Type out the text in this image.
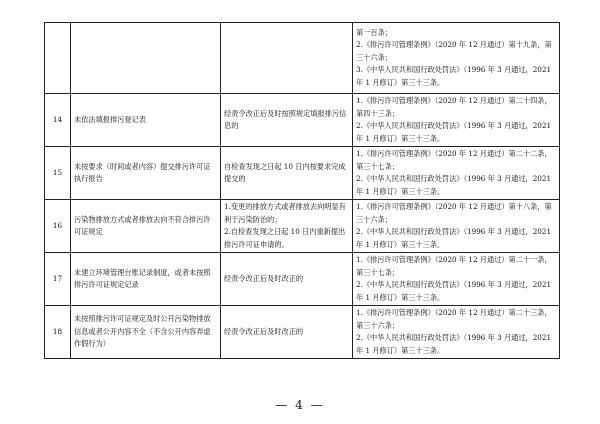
			第一百条；
2.《排污许可管理条例》（2020 年 12 月通过）第十九条，第三十六条；
3.《中华人民共和国行政处罚法》（1996 年 3 月通过，2021 年 1 月修订）第三十三条。

14	未依法填报排污登记表	经责令改正后及时按照规定填报排污信息的	1.《排污许可管理条例》（2020 年 12 月通过）第二十四条，第四十三条；
2.《中华人民共和国行政处罚法》（1996 年 3 月通过，2021 年 1 月修订）第三十三条。

15	未按要求（时间或者内容）提交排污许可证执行报告	自检查发现之日起 10 日内按要求完成提交的	1.《排污许可管理条例》（2020 年 12 月通过）第二十二条，第三十七条；
2.《中华人民共和国行政处罚法》（1996 年 3 月通过，2021 年 1 月修订）第三十三条。

16	污染物排放方式或者排放去向不符合排污许可证规定	1.变更的排放方式或者排放去向明显有利于污染防治的；
2.自检查发现之日起 10 日内重新提出排污许可证申请的。	1.《排污许可管理条例》（2020 年 12 月通过）第十八条，第三十六条；
2.《中华人民共和国行政处罚法》（1996 年 3 月通过，2021 年 1 月修订）第三十三条。

17	未建立环境管理台账记录制度，或者未按照排污许可证规定记录	经责令改正后及时改正的	1.《排污许可管理条例》（2020 年 12 月通过）第二十一条，第三十七条；
2.《中华人民共和国行政处罚法》（1996 年 3 月通过，2021 年 1 月修订）第三十三条。

18	未按照排污许可证规定及时公开污染物排放信息或者公开内容不全（不含公开内容弄虚作假行为）	经责令改正后及时改正的	1.《排污许可管理条例》（2020 年 12 月通过）第二十三条，第三十六条；
2.《中华人民共和国行政处罚法》（1996 年 3 月通过，2021 年 1 月修订）第三十三条。
— 4 —
